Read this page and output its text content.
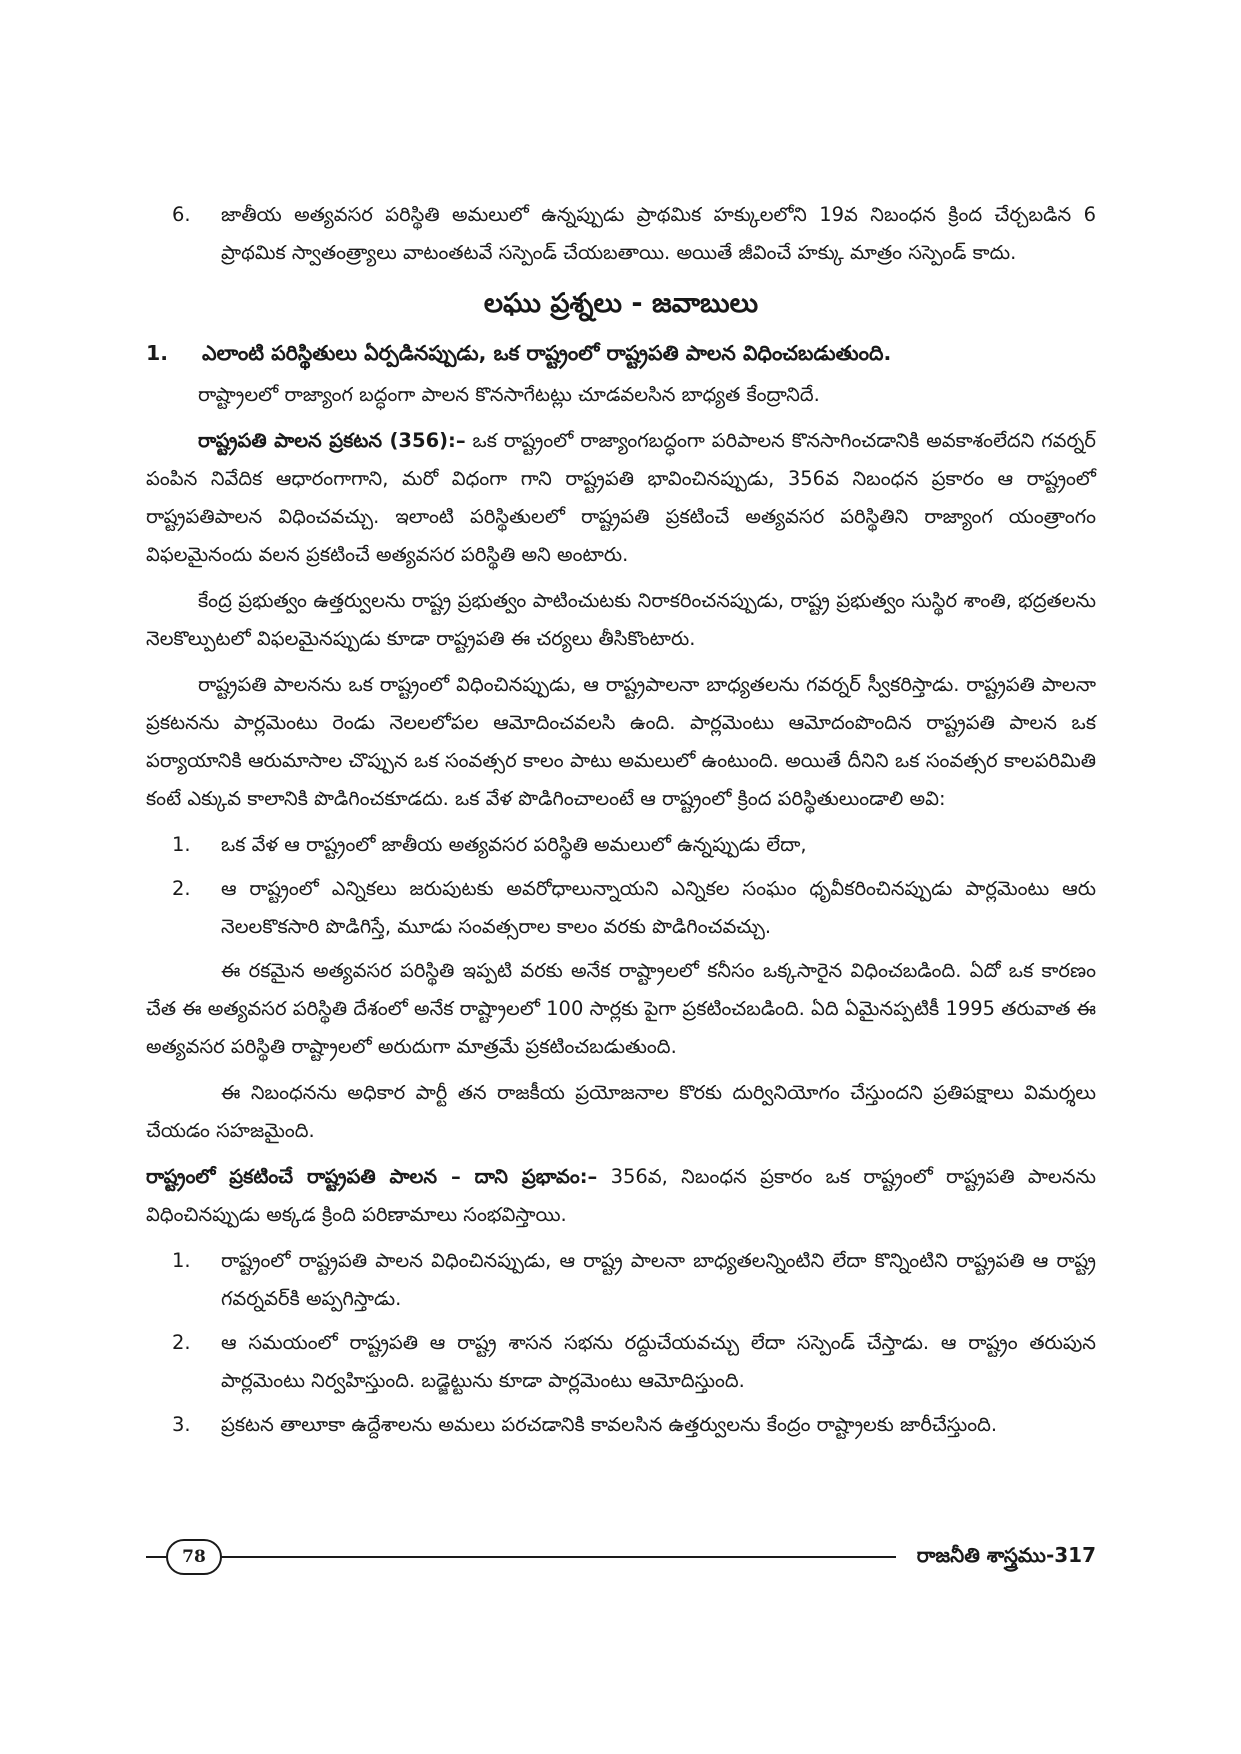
6. జాతీయ అత్యవసర పరిస్థితి అమలులో ఉన్నప్పుడు ప్రాథమిక హక్కులలోని 19వ నిబంధన క్రింద చేర్చబడిన 6 ప్రాథమిక స్వాతంత్ర్యాలు వాటంతటవే సస్పెండ్ చేయబతాయి. అయితే జీవించే హక్కు మాత్రం సస్పెండ్ కాదు.
లఘు ప్రశ్నలు - జవాబులు
1. ఎలాంటి పరిస్థితులు ఏర్పడినప్పుడు, ఒక రాష్ట్రంలో రాష్ట్రపతి పాలన విధించబడుతుంది.

రాష్ట్రాలలో రాజ్యాంగ బద్ధంగా పాలన కొనసాగేటట్లు చూడవలసిన బాధ్యత కేంద్రానిదే.

రాష్ట్రపతి పాలన ప్రకటన (356):– ఒక రాష్ట్రంలో రాజ్యాంగబద్ధంగా పరిపాలన కొనసాగించడానికి అవకాశంలేదని గవర్నర్ పంపిన నివేదిక ఆధారంగాగాని, మరో విధంగా గాని రాష్ట్రపతి భావించినప్పుడు, 356వ నిబంధన ప్రకారం ఆ రాష్ట్రంలో రాష్ట్రపతిపాలన విధించవచ్చు. ఇలాంటి పరిస్థితులలో రాష్ట్రపతి ప్రకటించే అత్యవసర పరిస్థితిని రాజ్యాంగ యంత్రాంగం విఫలమైనందు వలన ప్రకటించే అత్యవసర పరిస్థితి అని అంటారు.

కేంద్ర ప్రభుత్వం ఉత్తర్వులను రాష్ట్ర ప్రభుత్వం పాటించుటకు నిరాకరించనప్పుడు, రాష్ట్ర ప్రభుత్వం సుస్థిర శాంతి, భద్రతలను నెలకొల్పుటలో విఫలమైనప్పుడు కూడా రాష్ట్రపతి ఈ చర్యలు తీసికొంటారు.

రాష్ట్రపతి పాలనను ఒక రాష్ట్రంలో విధించినప్పుడు, ఆ రాష్ట్రపాలనా బాధ్యతలను గవర్నర్ స్వీకరిస్తాడు. రాష్ట్రపతి పాలనా ప్రకటనను పార్లమెంటు రెండు నెలలలోపల ఆమోదించవలసి ఉంది. పార్లమెంటు ఆమోదంపొందిన రాష్ట్రపతి పాలన ఒక పర్యాయానికి ఆరుమాసాల చొప్పున ఒక సంవత్సర కాలం పాటు అమలులో ఉంటుంది. అయితే దీనిని ఒక సంవత్సర కాలపరిమితి కంటే ఎక్కువ కాలానికి పొడిగించకూడదు. ఒక వేళ పొడిగించాలంటే ఆ రాష్ట్రంలో క్రింద పరిస్థితులుండాలి అవి:

1. ఒక వేళ ఆ రాష్ట్రంలో జాతీయ అత్యవసర పరిస్థితి అమలులో ఉన్నప్పుడు లేదా,
2. ఆ రాష్ట్రంలో ఎన్నికలు జరుపుటకు అవరోధాలున్నాయని ఎన్నికల సంఘం ధృవీకరించినప్పుడు పార్లమెంటు ఆరు నెలలకొకసారి పొడిగిస్తే, మూడు సంవత్సరాల కాలం వరకు పొడిగించవచ్చు.

ఈ రకమైన అత్యవసర పరిస్థితి ఇప్పటి వరకు అనేక రాష్ట్రాలలో కనీసం ఒక్కసారైన విధించబడింది. ఏదో ఒక కారణం చేత ఈ అత్యవసర పరిస్థితి దేశంలో అనేక రాష్ట్రాలలో 100 సార్లకు పైగా ప్రకటించబడింది. ఏది ఏమైనప్పటికీ 1995 తరువాత ఈ అత్యవసర పరిస్థితి రాష్ట్రాలలో అరుదుగా మాత్రమే ప్రకటించబడుతుంది.

ఈ నిబంధనను అధికార పార్టీ తన రాజకీయ ప్రయోజనాల కొరకు దుర్వినియోగం చేస్తుందని ప్రతిపక్షాలు విమర్శలు చేయడం సహజమైంది.

రాష్ట్రంలో ప్రకటించే రాష్ట్రపతి పాలన – దాని ప్రభావం:– 356వ, నిబంధన ప్రకారం ఒక రాష్ట్రంలో రాష్ట్రపతి పాలనను విధించినప్పుడు అక్కడ క్రింది పరిణామాలు సంభవిస్తాయి.

1. రాష్ట్రంలో రాష్ట్రపతి పాలన విధించినప్పుడు, ఆ రాష్ట్ర పాలనా బాధ్యతలన్నింటిని లేదా కొన్నింటిని రాష్ట్రపతి ఆ రాష్ట్ర గవర్నవర్‌కి అప్పగిస్తాడు.
2. ఆ సమయంలో రాష్ట్రపతి ఆ రాష్ట్ర శాసన సభను రద్దుచేయవచ్చు లేదా సస్పెండ్ చేస్తాడు. ఆ రాష్ట్రం తరుపున పార్లమెంటు నిర్వహిస్తుంది. బడ్జెట్టును కూడా పార్లమెంటు ఆమోదిస్తుంది.
3. ప్రకటన తాలూకా ఉద్దేశాలను అమలు పరచడానికి కావలసిన ఉత్తర్వులను కేంద్రం రాష్ట్రాలకు జారీచేస్తుంది.
78	రాజనీతి శాస్త్రము-317
